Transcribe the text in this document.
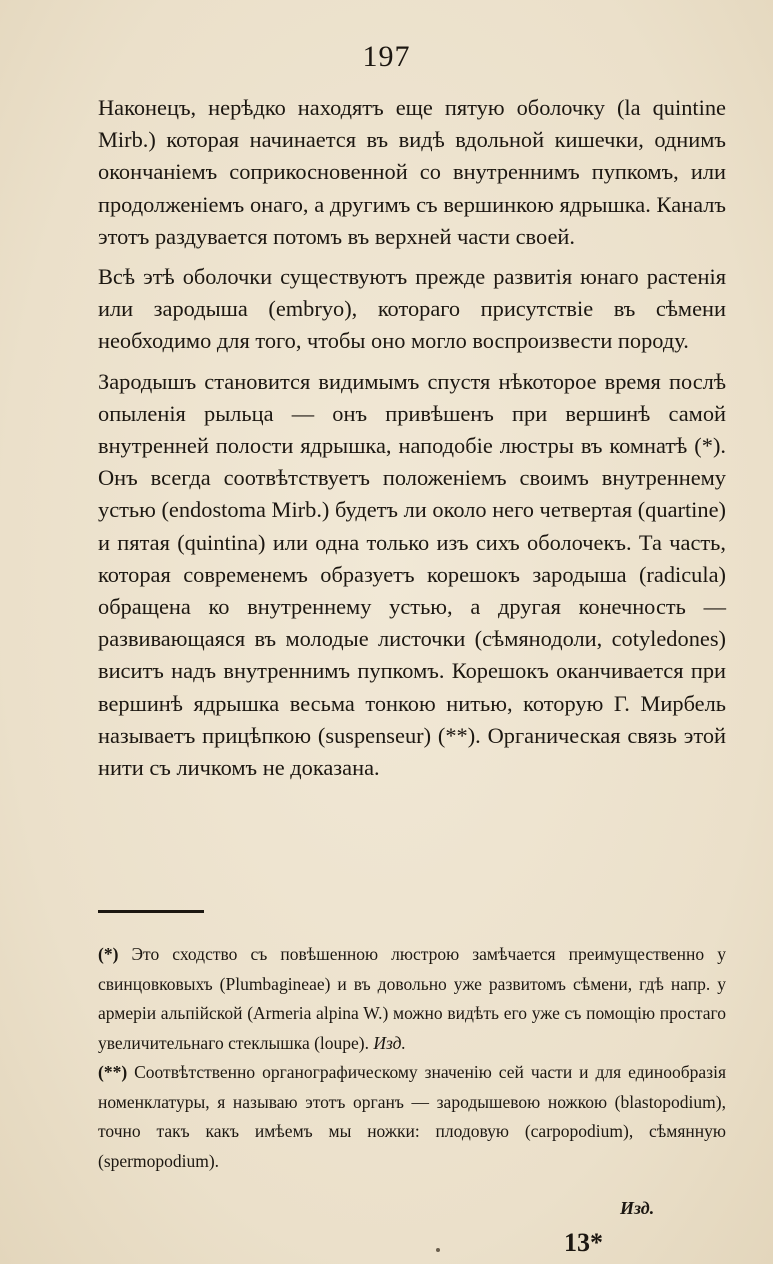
197

Наконецъ, нерѣдко находятъ еще пятую оболочку (la quintine Mirb.) которая начинается въ видѣ вдольной кишечки, однимъ окончаніемъ соприкосновенной со внутреннимъ пупкомъ, или продолженіемъ онаго, а другимъ съ вершинкою ядрышка. Каналъ этотъ раздувается потомъ въ верхней части своей.

Всѣ этѣ оболочки существуютъ прежде развитія юнаго растенія или зародыша (embryo), котораго присутствіе въ сѣмени необходимо для того, чтобы оно могло воспроизвести породу.

Зародышъ становится видимымъ спустя нѣкоторое время послѣ опыленія рыльца — онъ привѣшенъ при вершинѣ самой внутренней полости ядрышка, наподобіе люстры въ комнатѣ (*). Онъ всегда соотвѣтствуетъ положеніемъ своимъ внутреннему устью (endostoma Mirb.) будетъ ли около него четвертая (quartine) и пятая (quintina) или одна только изъ сихъ оболочекъ. Та часть, которая современемъ образуетъ корешокъ зародыша (radicula) обращена ко внутреннему устью, а другая конечность — развивающаяся въ молодые листочки (сѣмянодоли, cotyledones) виситъ надъ внутреннимъ пупкомъ. Корешокъ оканчивается при вершинѣ ядрышка весьма тонкою нитью, которую Г. Мирбель называетъ прицѣпкою (suspenseur) (**). Органическая связь этой нити съ личкомъ не доказана.

(*) Это сходство съ повѣшенною люстрою замѣчается преимущественно у свинцовковыхъ (Plumbagineae) и въ довольно уже развитомъ сѣмени, гдѣ напр. у армеріи альпійской (Armeria alpina W.) можно видѣть его уже съ помощію простаго увеличительнаго стеклышка (loupe). Изд.

(**) Соотвѣтственно органографическому значенію сей части и для единообразія номенклатуры, я называю этотъ органъ — зародышевою ножкою (blastopodium), точно такъ какъ имѣемъ мы ножки: плодовую (carpopodium), сѣмянную (spermopodium).

Изд.
13*
